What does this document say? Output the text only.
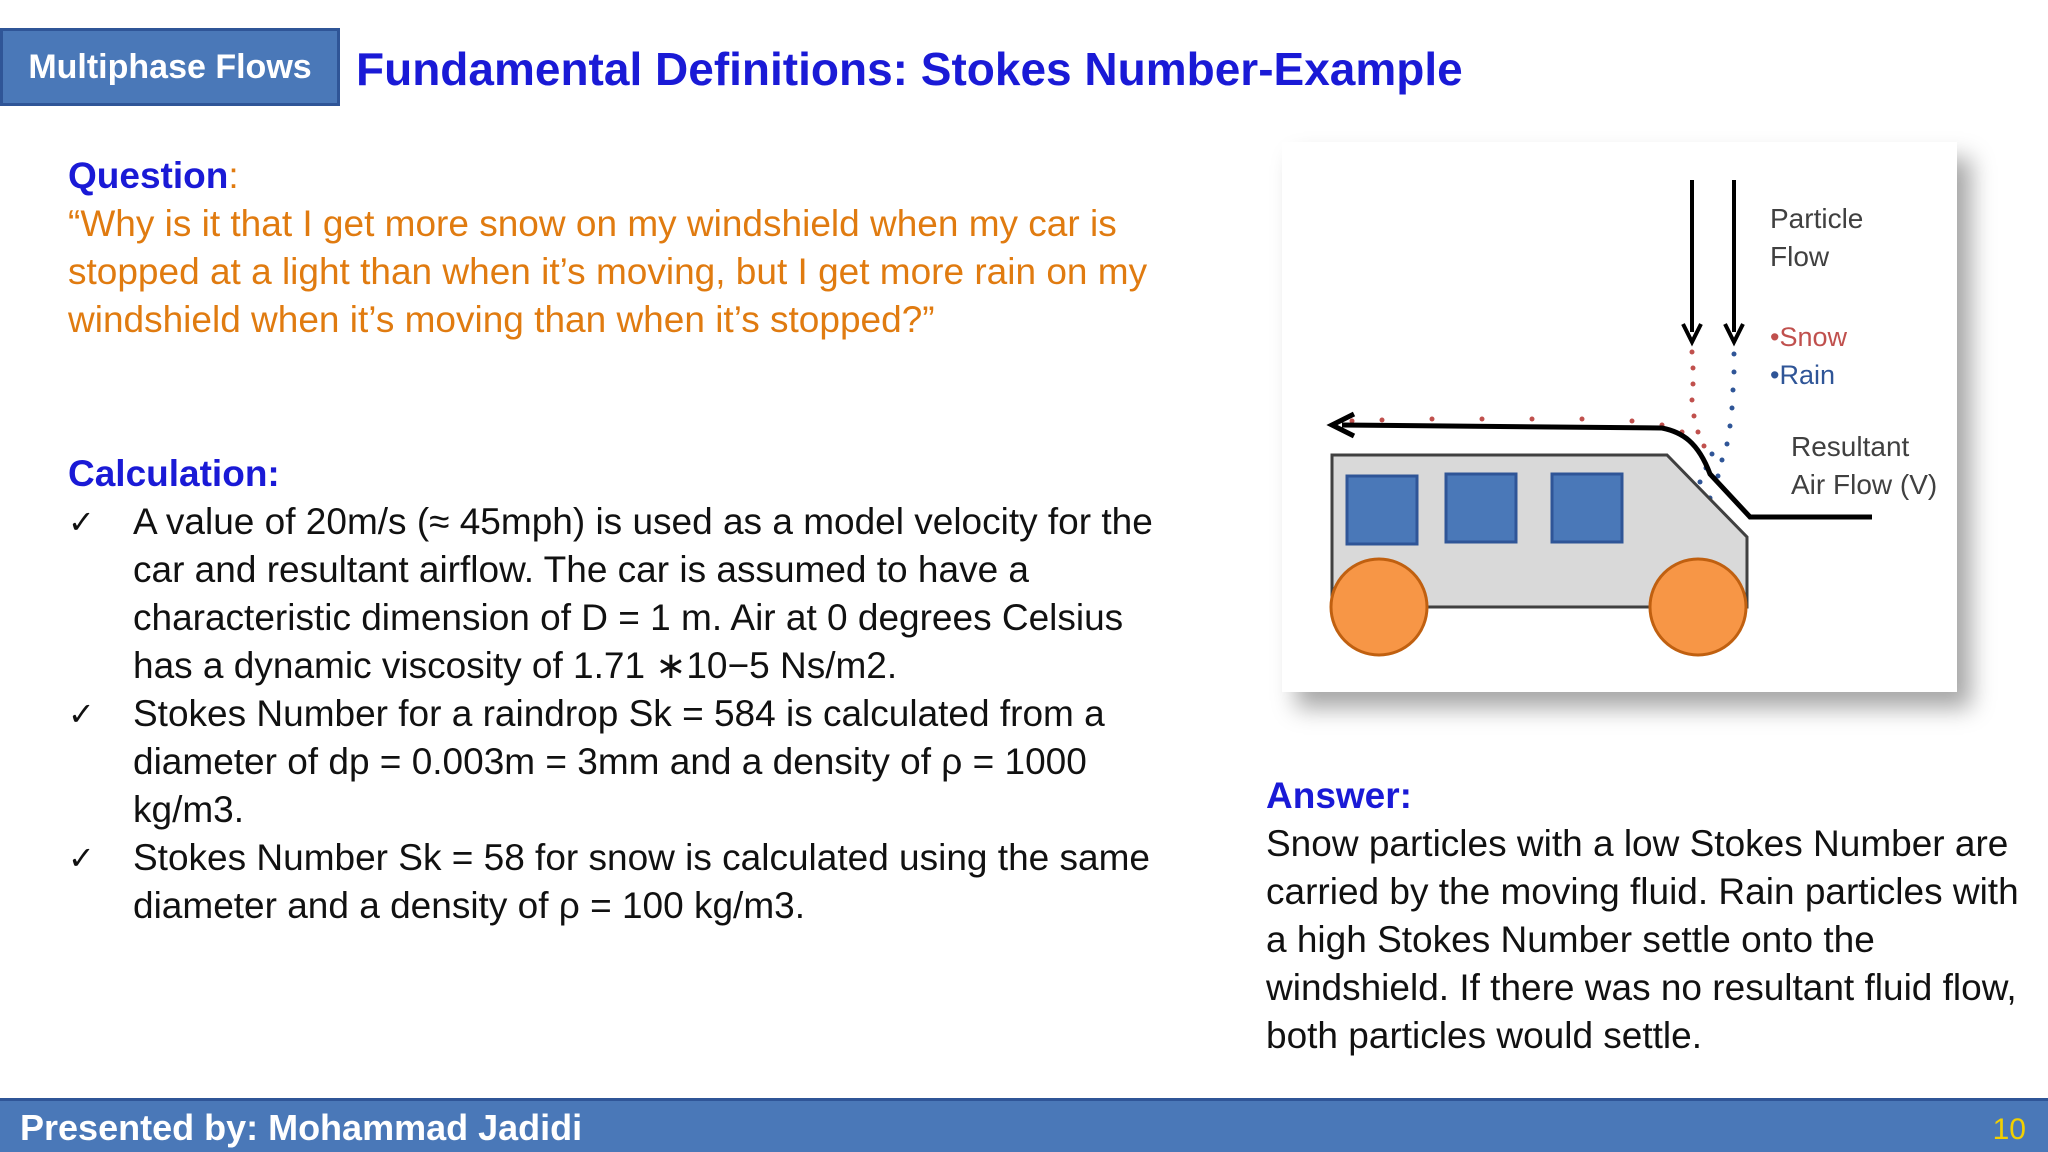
Multiphase Flows Fundamental Definitions: Stokes Number-Example
Question:
“Why is it that I get more snow on my windshield when my car is stopped at a light than when it’s moving, but I get more rain on my windshield when it’s moving than when it’s stopped?”
Calculation:
✓ A value of 20m/s (≈ 45mph) is used as a model velocity for the car and resultant airflow. The car is assumed to have a characteristic dimension of D = 1 m. Air at 0 degrees Celsius has a dynamic viscosity of 1.71 ∗10−5 Ns/m2.
✓ Stokes Number for a raindrop Sk = 584 is calculated from a diameter of dp = 0.003m = 3mm and a density of ρ = 1000 kg/m3.
✓ Stokes Number Sk = 58 for snow is calculated using the same diameter and a density of ρ = 100 kg/m3.
Particle
Flow
•Snow
•Rain
Resultant
Air Flow (V)
Answer:
Snow particles with a low Stokes Number are carried by the moving fluid. Rain particles with a high Stokes Number settle onto the windshield. If there was no resultant fluid flow, both particles would settle.
Presented by: Mohammad Jadidi	10
